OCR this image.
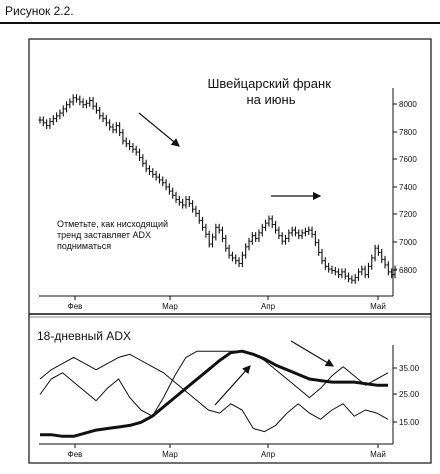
Рисунок 2.2.
Фев	Мар	Апр	Май
8000
7800
7600
7400
7200
7000
6800
Фев	Мар	Апр	Май
35.00
25.00
15.00
Швейцарский франк на июнь
Отметьте, как нисходящий тренд заставляет ADX подниматься
18-дневный ADX
